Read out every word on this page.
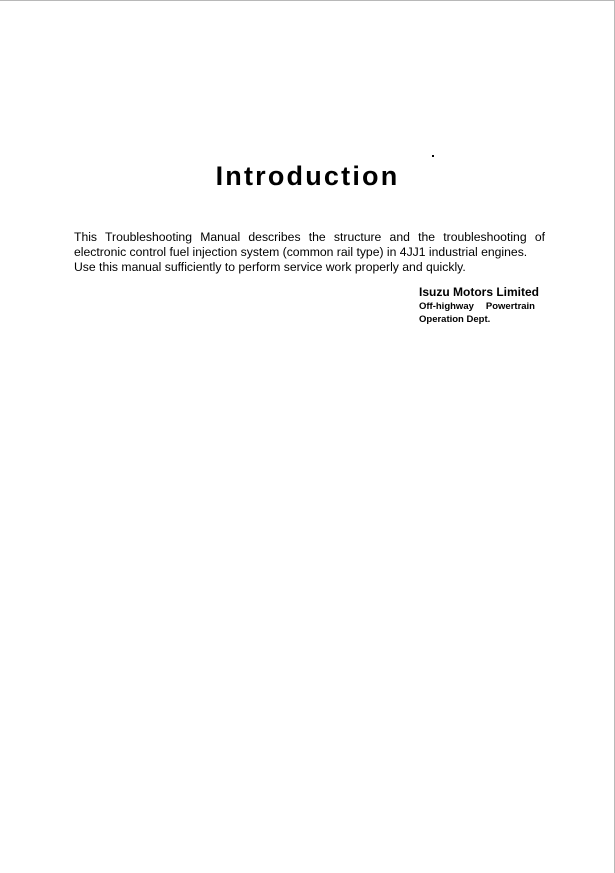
Introduction

This Troubleshooting Manual describes the structure and the troubleshooting of electronic control fuel injection system (common rail type) in 4JJ1 industrial engines.

Use this manual sufficiently to perform service work properly and quickly.

Isuzu Motors Limited
Off-highway Powertrain
Operation Dept.
